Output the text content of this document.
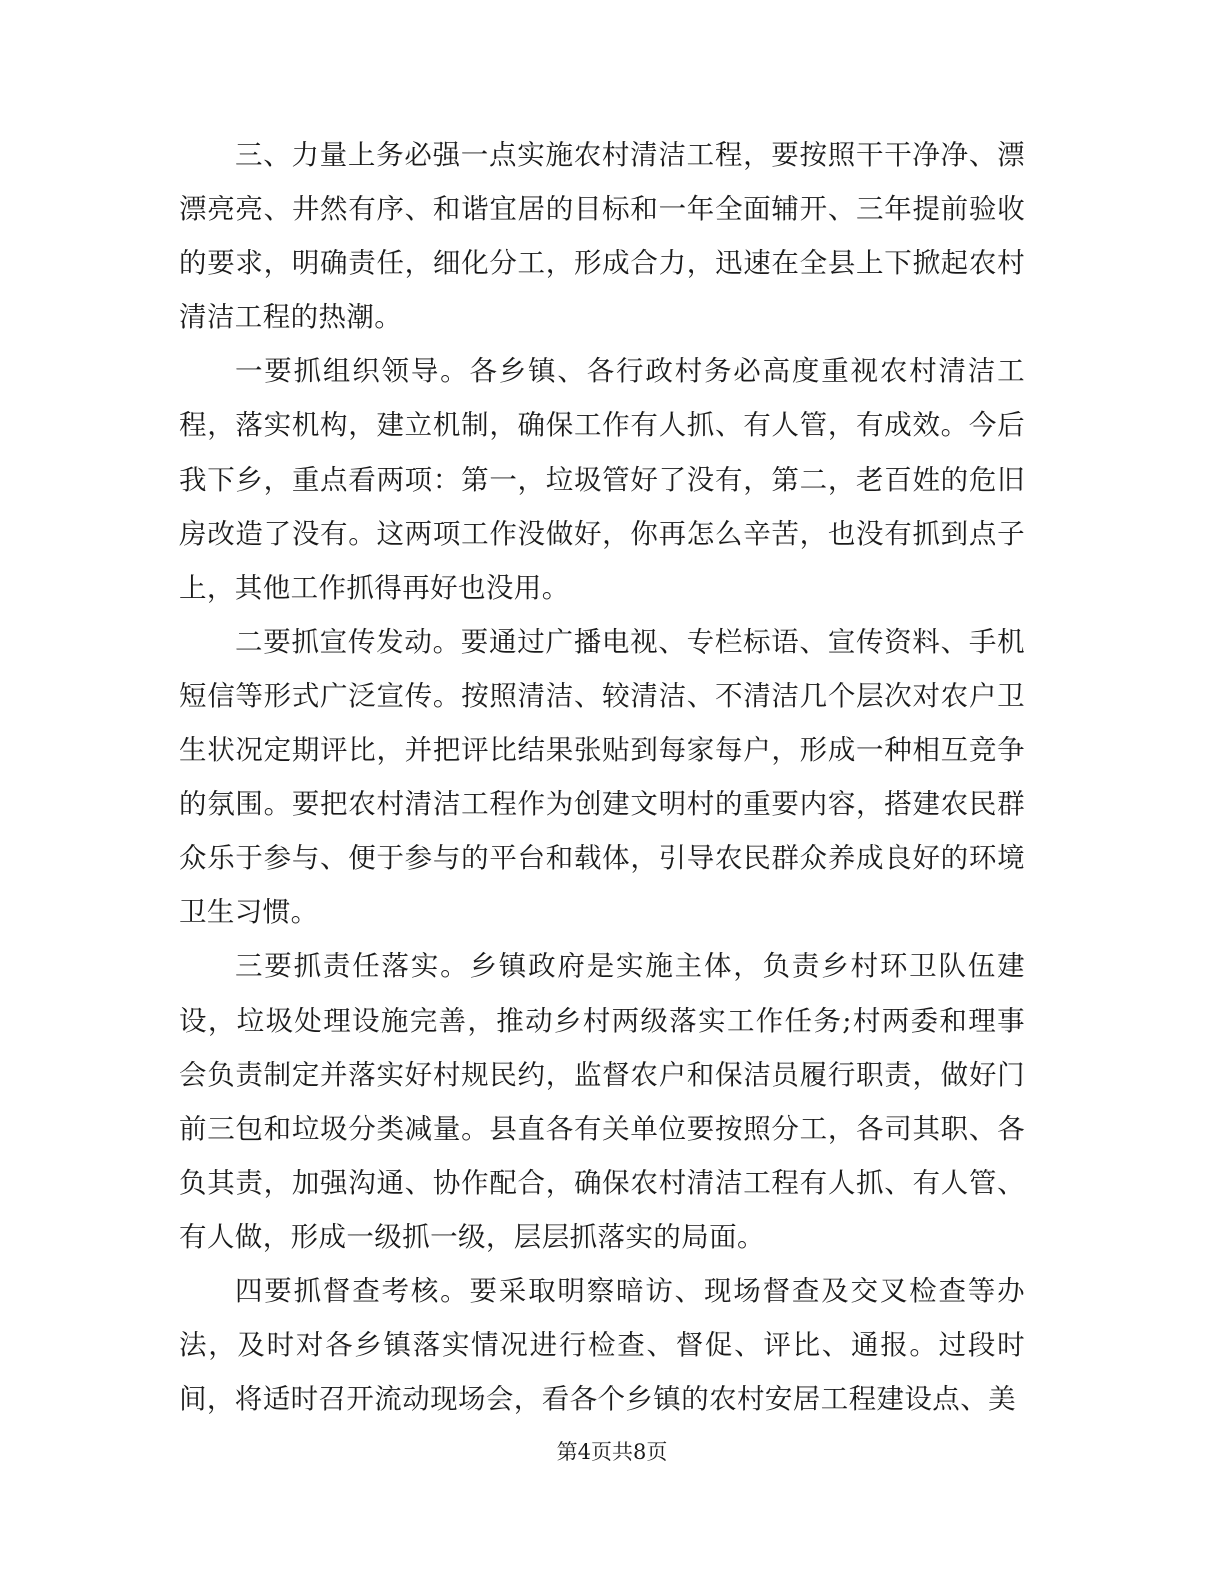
三、力量上务必强一点实施农村清洁工程，要按照干干净净、漂漂亮亮、井然有序、和谐宜居的目标和一年全面辅开、三年提前验收的要求，明确责任，细化分工，形成合力，迅速在全县上下掀起农村清洁工程的热潮。

一要抓组织领导。各乡镇、各行政村务必高度重视农村清洁工程，落实机构，建立机制，确保工作有人抓、有人管，有成效。今后我下乡，重点看两项：第一，垃圾管好了没有，第二，老百姓的危旧房改造了没有。这两项工作没做好，你再怎么辛苦，也没有抓到点子上，其他工作抓得再好也没用。

二要抓宣传发动。要通过广播电视、专栏标语、宣传资料、手机短信等形式广泛宣传。按照清洁、较清洁、不清洁几个层次对农户卫生状况定期评比，并把评比结果张贴到每家每户，形成一种相互竞争的氛围。要把农村清洁工程作为创建文明村的重要内容，搭建农民群众乐于参与、便于参与的平台和载体，引导农民群众养成良好的环境卫生习惯。

三要抓责任落实。乡镇政府是实施主体，负责乡村环卫队伍建设，垃圾处理设施完善，推动乡村两级落实工作任务;村两委和理事会负责制定并落实好村规民约，监督农户和保洁员履行职责，做好门前三包和垃圾分类减量。县直各有关单位要按照分工，各司其职、各负其责，加强沟通、协作配合，确保农村清洁工程有人抓、有人管、有人做，形成一级抓一级，层层抓落实的局面。

四要抓督查考核。要采取明察暗访、现场督查及交叉检查等办法，及时对各乡镇落实情况进行检查、督促、评比、通报。过段时间，将适时召开流动现场会，看各个乡镇的农村安居工程建设点、美

第4页共8页
